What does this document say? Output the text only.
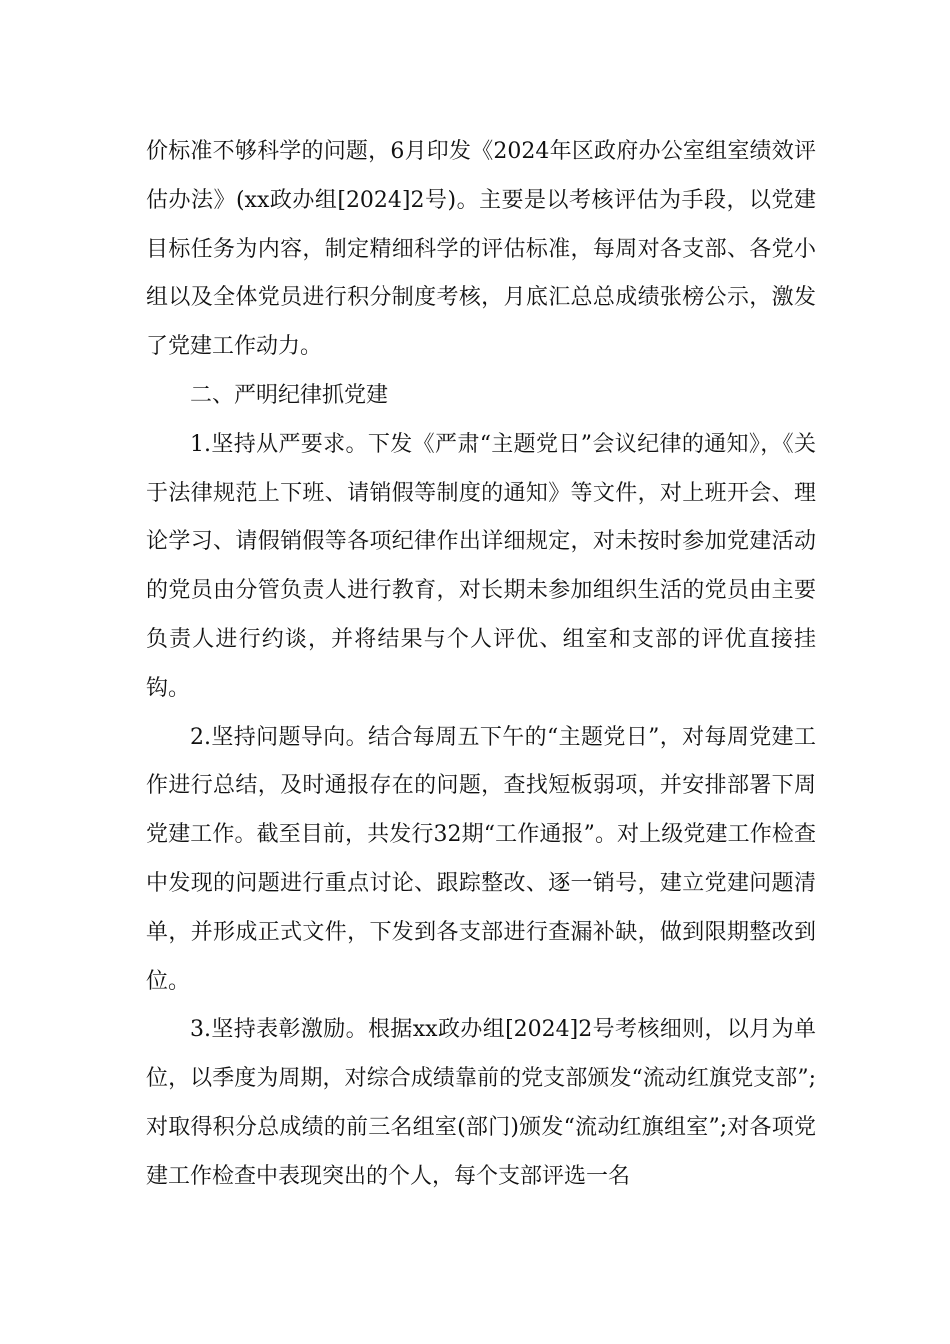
价标准不够科学的问题，6月印发《2024年区政府办公室组室绩效评估办法》(xx政办组[2024]2号)。主要是以考核评估为手段，以党建目标任务为内容，制定精细科学的评估标准，每周对各支部、各党小组以及全体党员进行积分制度考核，月底汇总总成绩张榜公示，激发了党建工作动力。

二、严明纪律抓党建

1.坚持从严要求。下发《严肃“主题党日”会议纪律的通知》，《关于法律规范上下班、请销假等制度的通知》等文件，对上班开会、理论学习、请假销假等各项纪律作出详细规定，对未按时参加党建活动的党员由分管负责人进行教育，对长期未参加组织生活的党员由主要负责人进行约谈，并将结果与个人评优、组室和支部的评优直接挂钩。

2.坚持问题导向。结合每周五下午的“主题党日”，对每周党建工作进行总结，及时通报存在的问题，查找短板弱项，并安排部署下周党建工作。截至目前，共发行32期“工作通报”。对上级党建工作检查中发现的问题进行重点讨论、跟踪整改、逐一销号，建立党建问题清单，并形成正式文件，下发到各支部进行查漏补缺，做到限期整改到位。

3.坚持表彰激励。根据xx政办组[2024]2号考核细则，以月为单位，以季度为周期，对综合成绩靠前的党支部颁发“流动红旗党支部”;对取得积分总成绩的前三名组室(部门)颁发“流动红旗组室”;对各项党建工作检查中表现突出的个人，每个支部评选一名
